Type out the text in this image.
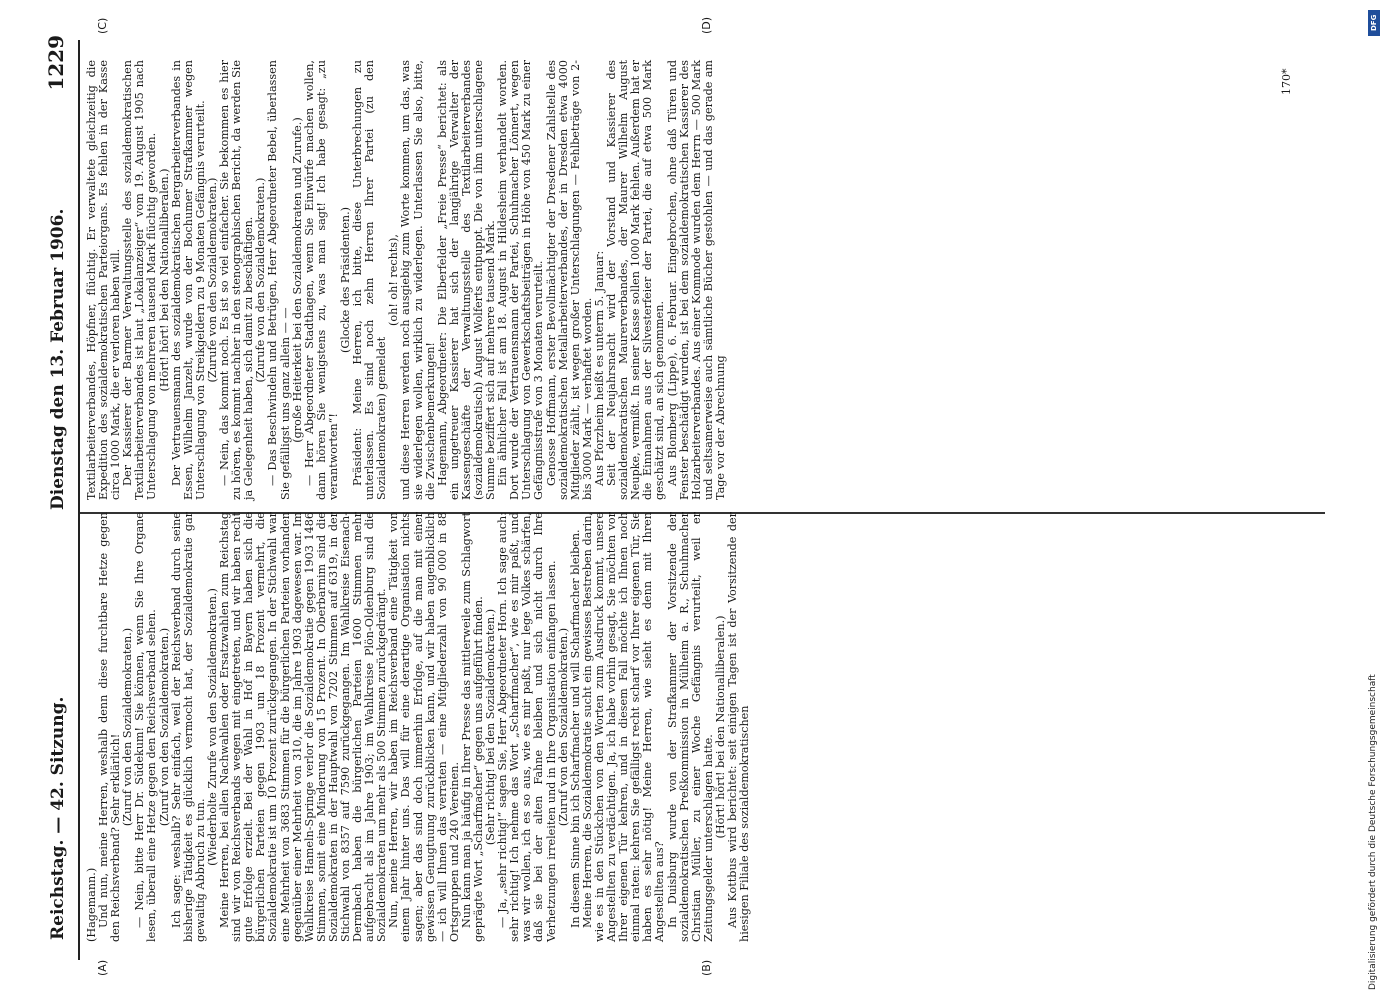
Reichstag. — 42. Sitzung.
Dienstag den 13. Februar 1906.
1229
(A)	(B)
(C)	(D)

(Hagemann.) Und nun, meine Herren, weshalb denn diese furchtbare Hetze gegen den Reichsverband? Sehr erklärlich!

(Zuruf von den Sozialdemokraten.) — Nein, bitte Herr Dr. Südekum! Sie können, wenn Sie Ihre Organe lesen, überall eine Hetze gegen den Reichsverband sehen. (Zuruf von den Sozialdemokraten.) Ich sage: weshalb? Sehr einfach, weil der Reichsverband durch seine bisherige Tätigkeit es glücklich vermocht hat, der Sozialdemokratie gar gewaltig Abbruch zu tun.

(Wiederholte Zurufe von den Sozialdemokraten.) Meine Herren, bei allen Nachwahlen oder Ersatzwahlen zum Reichstag sind wir von Reichsverbands wegen mit eingetreten, und wir haben recht gute Erfolge erzielt. Bei der Wahl in Hof in Bayern haben sich die bürgerlichen Parteien gegen 1903 um 18 Prozent vermehrt, die Sozialdemokratie ist um 10 Prozent zurückgegangen. In der Stichwahl war eine Mehrheit von 3683 Stimmen für die bürgerlichen Parteien vorhanden gegenüber einer Mehrheit von 310, die im Jahre 1903 dagewesen war. Im Wahlkreise Hameln-Springe verlor die Sozialdemokratie gegen 1903 1486 Stimmen, somit eine Minderung von 15 Prozent. In Oberbarnim sind die Sozialdemokraten in der Hauptwahl von 7202 Stimmen auf 6319, in der Stichwahl von 8357 auf 7590 zurückgegangen. Im Wahlkreise Eisenach-Dermbach haben die bürgerlichen Parteien 1600 Stimmen mehr aufgebracht als im Jahre 1903; im Wahlkreise Plön-Oldenburg sind die Sozialdemokraten um mehr als 500 Stimmen zurückgedrängt. Nun, meine Herren, wir haben im Reichsverband eine Tätigkeit von einem Jahr hinter uns. Das will für eine derartige Organisation nichts sagen; aber das sind doch immerhin Erfolge, auf die man mit einer gewissen Genugtuung zurückblicken kann, und wir haben augenblicklich — ich will Ihnen das verraten — eine Mitgliederzahl von 90 000 in 88 Ortsgruppen und 240 Vereinen. Nun kann man ja häufig in Ihrer Presse das mittlerweile zum Schlagwort geprägte Wort „Scharfmacher“ gegen uns aufgeführt finden. (Sehr richtig! bei den Sozialdemokraten.) — Ja, „sehr richtig!“ sagen Sie, Herr Abgeordneter Horn. Ich sage auch: sehr richtig! Ich nehme das Wort „Scharfmacher“, wie es mir paßt, und was wir wollen, ich es so aus, wie es mir paßt, nur lege Volkes schärfen, daß sie bei der alten Fahne bleiben und sich nicht durch Ihre Verhetzungen irreleiten und in Ihre Organisation einfangen lassen. (Zuruf von den Sozialdemokraten.) In diesem Sinne bin ich Scharfmacher und will Scharfmacher bleiben. Meine Herren, die Sozialdemokratie sucht ein gewisses Bestreben darin, wie es in den Stückchen von den Worten zum Ausdruck kommt, unsere Angestellten zu verdächtigen. Ja, ich habe vorhin gesagt, Sie möchten vor Ihrer eigenen Tür kehren, und in diesem Fall möchte ich Ihnen noch einmal raten: kehren Sie gefälligst recht scharf vor Ihrer eigenen Tür, Sie haben es sehr nötig! Meine Herren, wie sieht es denn mit Ihren Angestellten aus? In Duisburg wurde von der Strafkammer der Vorsitzende der sozialdemokratischen Preßkommission in Mülheim a. R., Schuhmacher Christian Müller, zu einer Woche Gefängnis verurteilt, weil er Zeitungsgelder unterschlagen hatte. (Hört! hört! bei den Nationalliberalen.) Aus Kottbus wird berichtet: seit einigen Tagen ist der Vorsitzende der hiesigen Filiale des sozialdemokratischen

Textilarbeiterverbandes, Höpfner, flüchtig. Er verwaltete gleichzeitig die Expedition des sozialdemokratischen Parteiorgans. Es fehlen in der Kasse circa 1000 Mark, die er verloren haben will. Der Kassierer der Barmer Verwaltungsstelle des sozialdemokratischen Textilarbeiterverbandes ist laut „Lokalanzeiger“ vom 19. August 1905 nach Unterschlagung von mehreren tausend Mark flüchtig geworden. (Hört! hört! bei den Nationalliberalen.) Der Vertrauensmann des sozialdemokratischen Bergarbeiterverbandes in Essen, Wilhelm Janzelt, wurde von der Bochumer Strafkammer wegen Unterschlagung von Streikgeldern zu 9 Monaten Gefängnis verurteilt. (Zurufe von den Sozialdemokraten.) — Nein, das kommt noch. Es ist so viel einfacher. Sie bekommen es hier zu hören, es kommt nachher in den stenographischen Bericht, da werden Sie ja Gelegenheit haben, sich damit zu beschäftigen. (Zurufe von den Sozialdemokraten.) — Das Beschwindeln und Betrügen, Herr Abgeordneter Bebel, überlassen Sie gefälligst uns ganz allein — — (große Heiterkeit bei den Sozialdemokraten und Zurufe.) — Herr Abgeordneter Stadthagen, wenn Sie Einwürfe machen wollen, dann hören Sie wenigstens zu, was man sagt! Ich habe gesagt: „zu verantworten“!

(Glocke des Präsidenten.) Präsident: Meine Herren, ich bitte, diese Unterbrechungen zu unterlassen. Es sind noch zehn Herren Ihrer Partei (zu den Sozialdemokraten) gemeldet

(oh! oh! rechts), und diese Herren werden noch ausgiebig zum Worte kommen, um das, was sie widerlegen wollen, wirklich zu widerlegen. Unterlassen Sie also, bitte, die Zwischenbemerkungen! Hagemann, Abgeordneter: Die Elberfelder „Freie Presse“ berichtet: als ein ungetreuer Kassierer hat sich der langjährige Verwalter der Kassengeschäfte der Verwaltungsstelle des Textilarbeiterverbandes (sozialdemokratisch) August Wolferts entpuppt. Die von ihm unterschlagene Summe beziffert sich auf mehrere tausend Mark. Ein ähnlicher Fall ist am 18. August in Hildesheim verhandelt worden. Dort wurde der Vertrauensmann der Partei, Schuhmacher Lönnert, wegen Unterschlagung von Gewerkschaftsbeiträgen in Höhe von 450 Mark zu einer Gefängnisstrafe von 3 Monaten verurteilt. Genosse Hoffmann, erster Bevollmächtigter der Dresdener Zahlstelle des sozialdemokratischen Metallarbeiterverbandes, der in Dresden etwa 4000 Mitglieder zählt, ist wegen großer Unterschlagungen — Fehlbeträge von 2- bis 3000 Mark — verhaftet worden. Aus Pforzheim heißt es unterm 5. Januar: Seit der Neujahrsnacht wird der Vorstand und Kassierer des sozialdemokratischen Maurerverbandes, der Maurer Wilhelm August Neupke, vermißt. In seiner Kasse sollen 1000 Mark fehlen. Außerdem hat er die Einnahmen aus der Silvesterfeier der Partei, die auf etwa 500 Mark geschätzt sind, an sich genommen. Aus Blomberg (Lippe), 6. Februar. Eingebrochen, ohne daß Türen und Fenster beschädigt wurden, ist bei dem sozialdemokratischen Kassierer des Holzarbeiterverbandes. Aus einer Kommode wurden dem Herrn — 500 Mark und seltsamerweise auch sämtliche Bücher gestohlen — und das gerade am Tage vor der Abrechnung

170*
DFG
Digitalisierung gefördert durch die Deutsche Forschungsgemeinschaft
